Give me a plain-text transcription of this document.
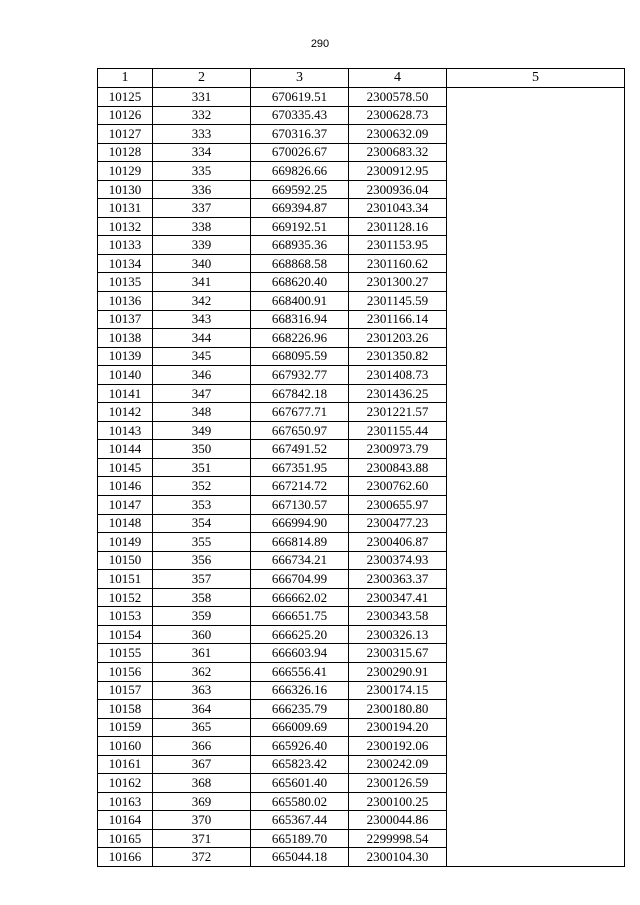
290
1	2	3	4	5
10125	331	670619.51	2300578.50	
10126	332	670335.43	2300628.73	
10127	333	670316.37	2300632.09	
10128	334	670026.67	2300683.32	
10129	335	669826.66	2300912.95	
10130	336	669592.25	2300936.04	
10131	337	669394.87	2301043.34	
10132	338	669192.51	2301128.16	
10133	339	668935.36	2301153.95	
10134	340	668868.58	2301160.62	
10135	341	668620.40	2301300.27	
10136	342	668400.91	2301145.59	
10137	343	668316.94	2301166.14	
10138	344	668226.96	2301203.26	
10139	345	668095.59	2301350.82	
10140	346	667932.77	2301408.73	
10141	347	667842.18	2301436.25	
10142	348	667677.71	2301221.57	
10143	349	667650.97	2301155.44	
10144	350	667491.52	2300973.79	
10145	351	667351.95	2300843.88	
10146	352	667214.72	2300762.60	
10147	353	667130.57	2300655.97	
10148	354	666994.90	2300477.23	
10149	355	666814.89	2300406.87	
10150	356	666734.21	2300374.93	
10151	357	666704.99	2300363.37	
10152	358	666662.02	2300347.41	
10153	359	666651.75	2300343.58	
10154	360	666625.20	2300326.13	
10155	361	666603.94	2300315.67	
10156	362	666556.41	2300290.91	
10157	363	666326.16	2300174.15	
10158	364	666235.79	2300180.80	
10159	365	666009.69	2300194.20	
10160	366	665926.40	2300192.06	
10161	367	665823.42	2300242.09	
10162	368	665601.40	2300126.59	
10163	369	665580.02	2300100.25	
10164	370	665367.44	2300044.86	
10165	371	665189.70	2299998.54	
10166	372	665044.18	2300104.30	
